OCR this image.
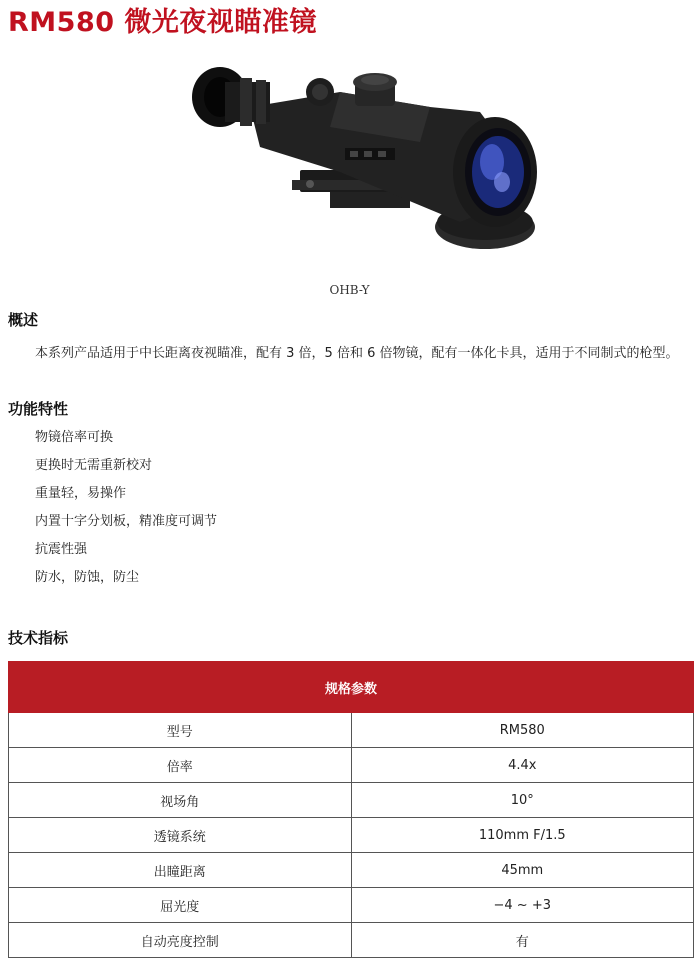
RM580 微光夜视瞄准镜
OHB-Y
概述
本系列产品适用于中长距离夜视瞄准，配有 3 倍，5 倍和 6 倍物镜，配有一体化卡具，适用于不同制式的枪型。
功能特性
物镜倍率可换
更换时无需重新校对
重量轻，易操作
内置十字分划板，精准度可调节
抗震性强
防水，防蚀，防尘
技术指标
规格参数	
型号	RM580
倍率	4.4x
视场角	10°
透镜系统	110mm F/1.5
出瞳距离	45mm
屈光度	−4 ~ +3
自动亮度控制	有
